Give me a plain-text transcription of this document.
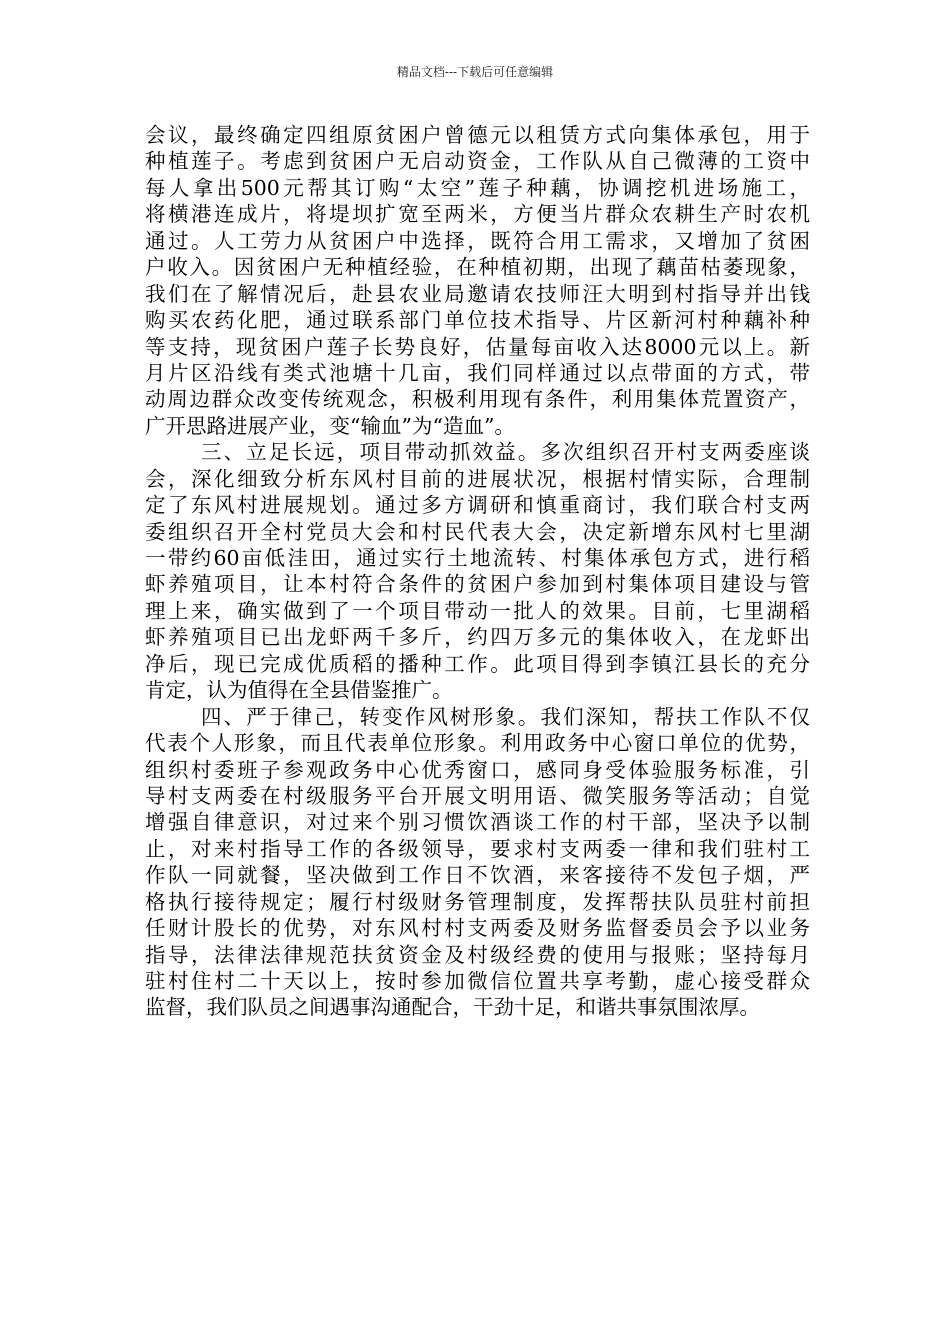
精品文档---下载后可任意编辑
会议，最终确定四组原贫困户曾德元以租赁方式向集体承包，用于
种植莲子。考虑到贫困户无启动资金，工作队从自己微薄的工资中
每人拿出500元帮其订购“太空”莲子种藕，协调挖机进场施工，
将横港连成片，将堤坝扩宽至两米，方便当片群众农耕生产时农机
通过。人工劳力从贫困户中选择，既符合用工需求，又增加了贫困
户收入。因贫困户无种植经验，在种植初期，出现了藕苗枯萎现象，
我们在了解情况后，赴县农业局邀请农技师汪大明到村指导并出钱
购买农药化肥，通过联系部门单位技术指导、片区新河村种藕补种
等支持，现贫困户莲子长势良好，估量每亩收入达8000元以上。新
月片区沿线有类式池塘十几亩，我们同样通过以点带面的方式，带
动周边群众改变传统观念，积极利用现有条件，利用集体荒置资产，
广开思路进展产业，变“输血”为“造血”。
三、立足长远，项目带动抓效益。多次组织召开村支两委座谈
会，深化细致分析东风村目前的进展状况，根据村情实际，合理制
定了东风村进展规划。通过多方调研和慎重商讨，我们联合村支两
委组织召开全村党员大会和村民代表大会，决定新增东风村七里湖
一带约60亩低洼田，通过实行土地流转、村集体承包方式，进行稻
虾养殖项目，让本村符合条件的贫困户参加到村集体项目建设与管
理上来，确实做到了一个项目带动一批人的效果。目前，七里湖稻
虾养殖项目已出龙虾两千多斤，约四万多元的集体收入，在龙虾出
净后，现已完成优质稻的播种工作。此项目得到李镇江县长的充分
肯定，认为值得在全县借鉴推广。
四、严于律己，转变作风树形象。我们深知，帮扶工作队不仅
代表个人形象，而且代表单位形象。利用政务中心窗口单位的优势，
组织村委班子参观政务中心优秀窗口，感同身受体验服务标准，引
导村支两委在村级服务平台开展文明用语、微笑服务等活动；自觉
增强自律意识，对过来个别习惯饮酒谈工作的村干部，坚决予以制
止，对来村指导工作的各级领导，要求村支两委一律和我们驻村工
作队一同就餐，坚决做到工作日不饮酒，来客接待不发包子烟，严
格执行接待规定；履行村级财务管理制度，发挥帮扶队员驻村前担
任财计股长的优势，对东风村村支两委及财务监督委员会予以业务
指导，法律法律规范扶贫资金及村级经费的使用与报账；坚持每月
驻村住村二十天以上，按时参加微信位置共享考勤，虚心接受群众
监督，我们队员之间遇事沟通配合，干劲十足，和谐共事氛围浓厚。
